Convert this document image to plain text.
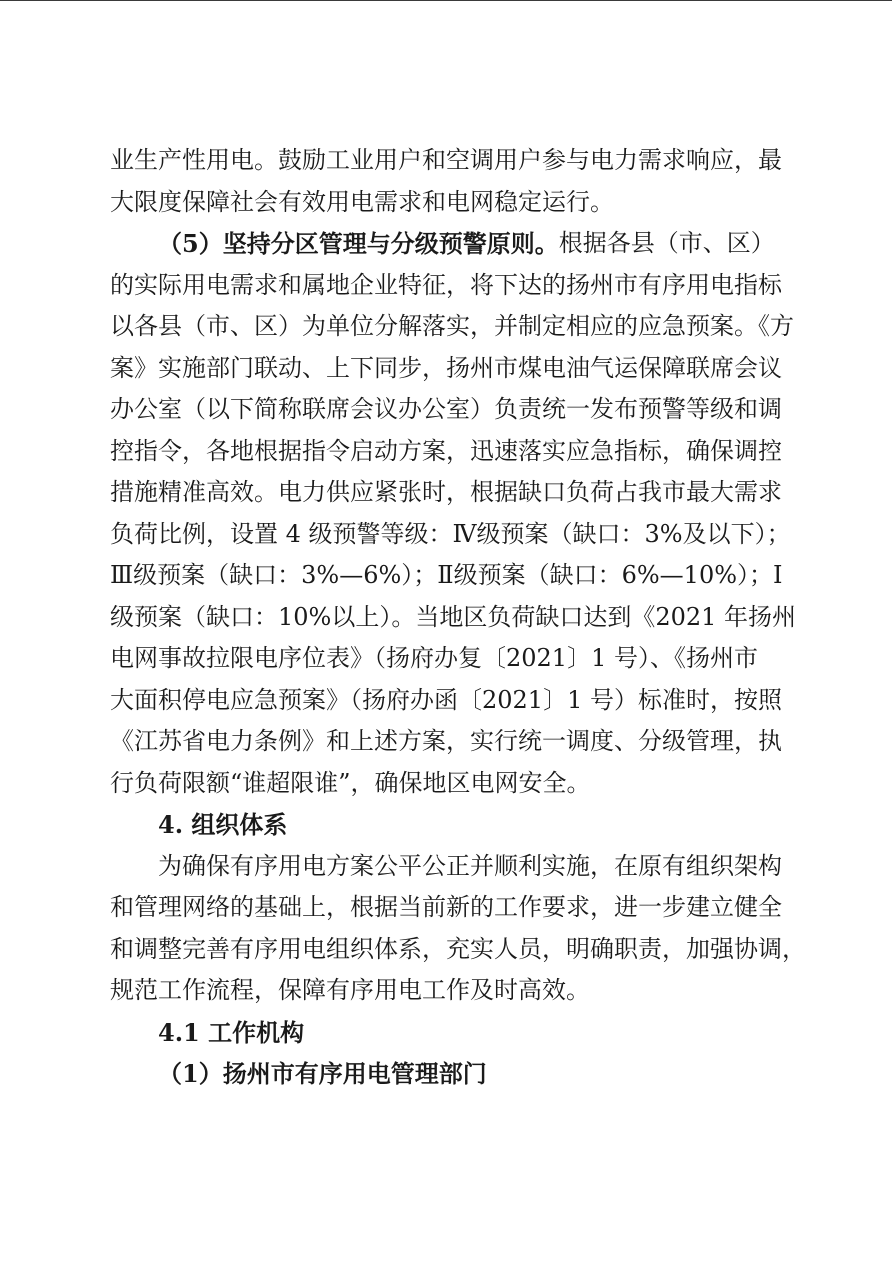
业生产性用电。鼓励工业用户和空调用户参与电力需求响应，最
大限度保障社会有效用电需求和电网稳定运行。
（5）坚持分区管理与分级预警原则。 根据各县（市、区）
的实际用电需求和属地企业特征，将下达的扬州市有序用电指标
以各县（市、区）为单位分解落实，并制定相应的应急预案。《方
案》实施部门联动、上下同步，扬州市煤电油气运保障联席会议
办公室（以下简称联席会议办公室）负责统一发布预警等级和调
控指令，各地根据指令启动方案，迅速落实应急指标，确保调控
措施精准高效。电力供应紧张时，根据缺口负荷占我市最大需求
负荷比例，设置 4 级预警等级：Ⅳ级预案（缺口：3%及以下）；
Ⅲ级预案（缺口：3%—6%）；Ⅱ级预案（缺口：6%—10%）；Ⅰ
级预案（缺口：10%以上）。当地区负荷缺口达到《2021 年扬州
电网事故拉限电序位表》（扬府办复〔2021〕1 号）、《扬州市
大面积停电应急预案》（扬府办函〔2021〕1 号）标准时，按照
《江苏省电力条例》和上述方案，实行统一调度、分级管理，执
行负荷限额“谁超限谁”，确保地区电网安全。
4. 组织体系
为确保有序用电方案公平公正并顺利实施，在原有组织架构
和管理网络的基础上，根据当前新的工作要求，进一步建立健全
和调整完善有序用电组织体系，充实人员，明确职责，加强协调，
规范工作流程，保障有序用电工作及时高效。
4.1 工作机构
（1）扬州市有序用电管理部门
